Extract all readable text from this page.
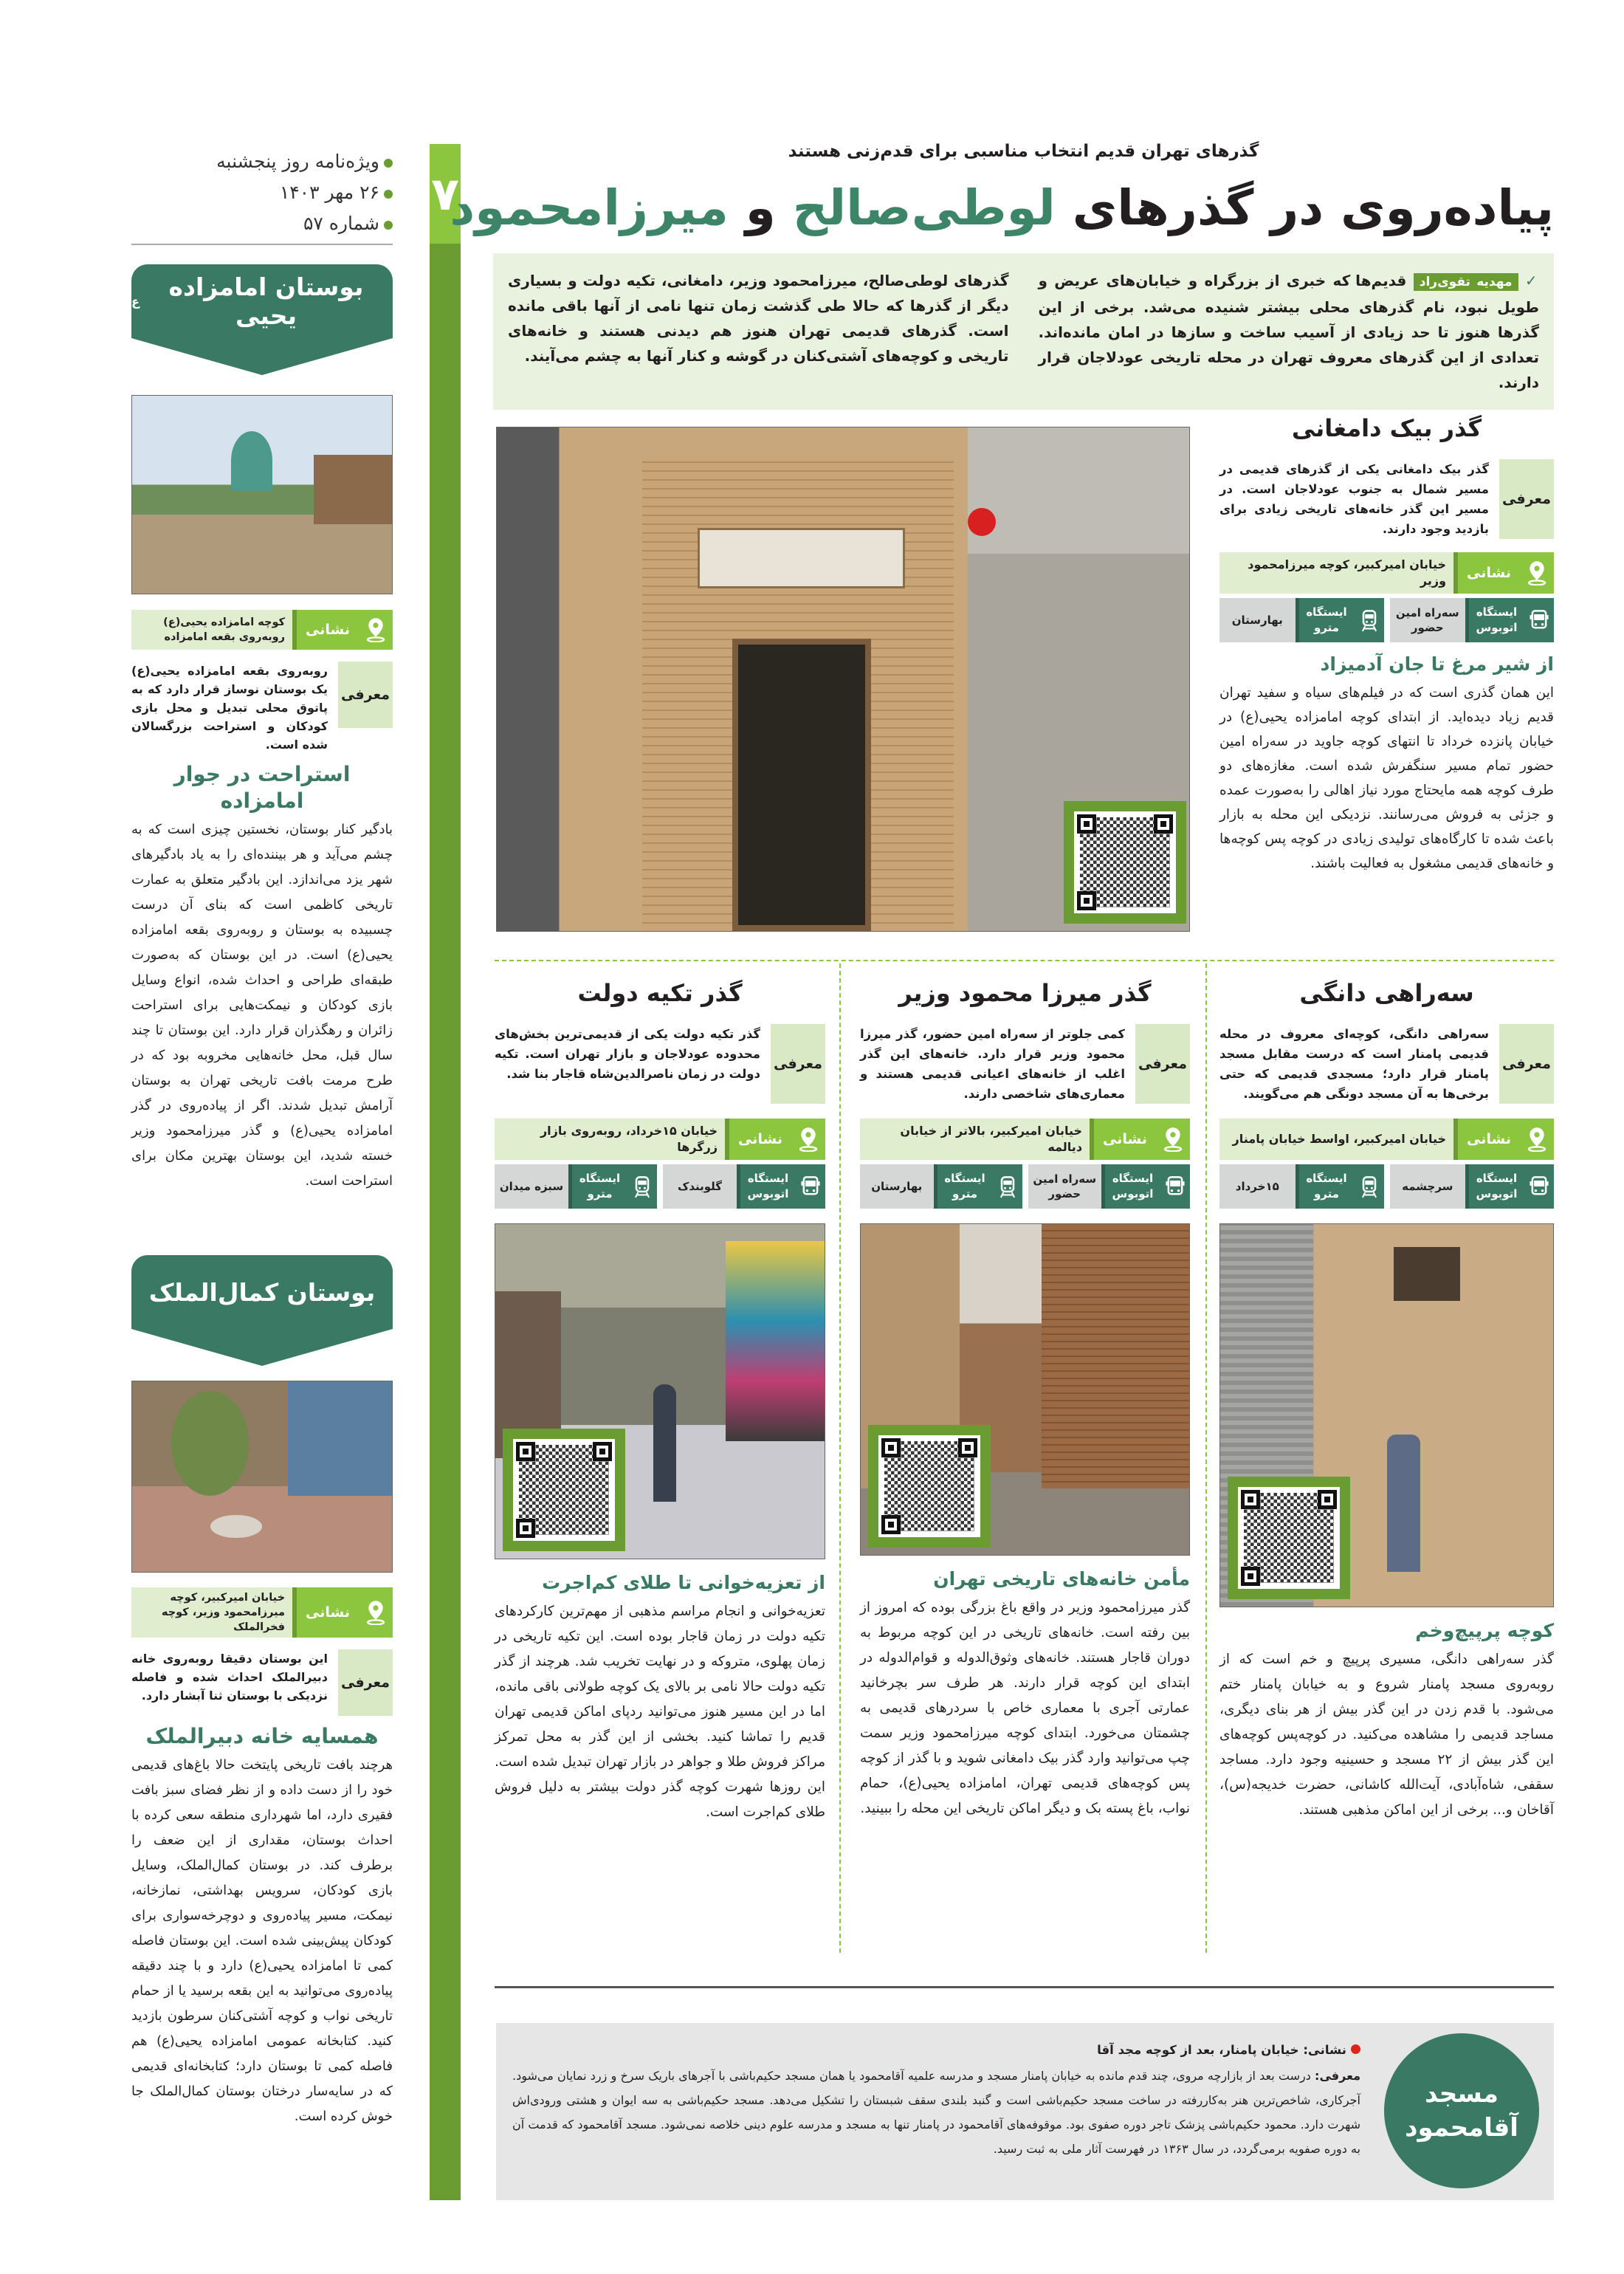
۷
ویژه‌نامه روز پنجشنبه
۲۶ مهر ۱۴۰۳
شماره ۵۷
گذرهای تهران قدیم انتخاب مناسبی برای قدم‌زنی هستند
پیاده‌روی در گذرهای لوطی‌صالح و میرزامحمود
✓ مهدیه تقوی‌راد قدیم‌ها که خبری از بزرگراه و خیابان‌های عریض و طویل نبود، نام گذرهای محلی بیشتر شنیده می‌شد. برخی از این گذرها هنوز تا حد زیادی از آسیب ساخت و سازها در امان مانده‌اند. تعدادی از این گذرهای معروف تهران در محله تاریخی عودلاجان قرار دارند.
گذرهای لوطی‌صالح، میرزامحمود وزیر، دامغانی، تکیه دولت و بسیاری دیگر از گذرها که حالا طی گذشت زمان تنها نامی از آنها باقی مانده است. گذرهای قدیمی تهران هنوز هم دیدنی هستند و خانه‌های تاریخی و کوچه‌های آشتی‌کنان در گوشه و کنار آنها به چشم می‌آیند.
گذر بیک دامغانی
معرفی
گذر بیک دامغانی یکی از گذرهای قدیمی در مسیر شمال به جنوب عودلاجان است. در مسیر این گذر خانه‌های تاریخی زیادی برای بازدید وجود دارند.
نشانی
خیابان امیرکبیر، کوچه میرزامحمود وزیر
ایستگاه اتوبوس
سه‌راه امین حضور
ایستگاه مترو
بهارستان
از شیر مرغ تا جان آدمیزاد
این همان گذری است که در فیلم‌های سیاه و سفید تهران قدیم زیاد دیده‌اید. از ابتدای کوچه امامزاده یحیی(ع) در خیابان پانزده خرداد تا انتهای کوچه جاوید در سه‌راه امین حضور تمام مسیر سنگفرش شده است. مغازه‌های دو طرف کوچه همه مایحتاج مورد نیاز اهالی را به‌صورت عمده و جزئی به فروش می‌رسانند. نزدیکی این محله به بازار باعث شده تا کارگاه‌های تولیدی زیادی در کوچه پس کوچه‌ها و خانه‌های قدیمی مشغول به فعالیت باشند.
سه‌راهی دانگی
معرفی
سه‌راهی دانگی، کوچه‌ای معروف در محله قدیمی پامنار است که درست مقابل مسجد پامنار قرار دارد؛ مسجدی قدیمی که حتی برخی‌ها به آن مسجد دونگی هم می‌گویند.
نشانی
خیابان امیرکبیر، اواسط خیابان پامنار
ایستگاه اتوبوس
سرچشمه
ایستگاه مترو
۱۵خرداد
کوچه پرپیچ‌وخم
گذر سه‌راهی دانگی، مسیری پرپیچ و خم است که از روبه‌روی مسجد پامنار شروع و به خیابان پامنار ختم می‌شود. با قدم زدن در این گذر بیش از هر بنای دیگری، مساجد قدیمی را مشاهده می‌کنید. در کوچه‌پس کوچه‌های این گذر بیش از ۲۲ مسجد و حسینیه وجود دارد. مساجد سقفی، شاه‌آبادی، آیت‌الله کاشانی، حضرت خدیجه(س)، آقاخان و... برخی از این اماکن مذهبی هستند.
گذر میرزا محمود وزیر
معرفی
کمی جلوتر از سه‌راه امین حضور، گذر میرزا محمود وزیر قرار دارد. خانه‌های این گذر اغلب از خانه‌های اعیانی قدیمی هستند و معماری‌های شاخصی دارند.
نشانی
خیابان امیرکبیر، بالاتر از خیابان دیالمه
ایستگاه اتوبوس
سه‌راه امین حضور
ایستگاه مترو
بهارستان
مأمن خانه‌های تاریخی تهران
گذر میرزامحمود وزیر در واقع باغ بزرگی بوده که امروز از بین رفته است. خانه‌های تاریخی در این کوچه مربوط به دوران قاجار هستند. خانه‌های وثوق‌الدوله و قوام‌الدوله در ابتدای این کوچه قرار دارند. هر طرف سر بچرخانید عمارتی آجری با معماری خاص با سردرهای قدیمی به چشمتان می‌خورد. ابتدای کوچه میرزامحمود وزیر سمت چپ می‌توانید وارد گذر بیک دامغانی شوید و با گذر از کوچه پس کوچه‌های قدیمی تهران، امامزاده یحیی(ع)، حمام نواب، باغ پسته بک و دیگر اماکن تاریخی این محله را ببینید.
گذر تکیه دولت
معرفی
گذر تکیه دولت یکی از قدیمی‌ترین بخش‌های محدوده عودلاجان و بازار تهران است. تکیه دولت در زمان ناصرالدین‌شاه قاجار بنا شد.
نشانی
خیابان ۱۵خرداد، روبه‌روی بازار زرگرها
ایستگاه اتوبوس
گلوبندک
ایستگاه مترو
سبزه میدان
از تعزیه‌خوانی تا طلای کم‌اجرت
تعزیه‌خوانی و انجام مراسم مذهبی از مهم‌ترین کارکردهای تکیه دولت در زمان قاجار بوده است. این تکیه تاریخی در زمان پهلوی، متروکه و در نهایت تخریب شد. هرچند از گذر تکیه دولت حالا نامی بر بالای یک کوچه طولانی باقی مانده، اما در این مسیر هنوز می‌توانید ردپای اماکن قدیمی تهران قدیم را تماشا کنید. بخشی از این گذر به محل تمرکز مراکز فروش طلا و جواهر در بازار تهران تبدیل شده است. این روزها شهرت کوچه گذر دولت بیشتر به دلیل فروش طلای کم‌اجرت است.
مسجد
آقامحمود
نشانی: خیابان پامنار، بعد از کوچه مجد آقا
معرفی: درست بعد از بازارچه مروی، چند قدم مانده به خیابان پامنار مسجد و مدرسه علمیه آقامحمود یا همان مسجد حکیم‌باشی با آجرهای باریک سرخ و زرد نمایان می‌شود. آجرکاری، شاخص‌ترین هنر به‌کاررفته در ساخت مسجد حکیم‌باشی است و گنبد بلندی سقف شبستان را تشکیل می‌دهد. مسجد حکیم‌باشی به سه ایوان و هشتی ورودی‌اش شهرت دارد. محمود حکیم‌باشی پزشک تاجر دوره صفوی بود. موقوفه‌های آقامحمود در پامنار تنها به مسجد و مدرسه علوم دینی خلاصه نمی‌شود. مسجد آقامحمود که قدمت آن به دوره صفویه برمی‌گردد، در سال ۱۳۶۳ در فهرست آثار ملی به ثبت رسید.
بوستان امامزاده یحیی
ع
نشانی
کوچه امامزاده یحیی(ع) روبه‌روی بقعه امامزاده
معرفی
روبه‌روی بقعه امامزاده یحیی(ع) یک بوستان نوساز قرار دارد که به پاتوق محلی تبدیل و محل بازی کودکان و استراحت بزرگسالان شده است.
استراحت در جوار امامزاده
بادگیر کنار بوستان، نخستین چیزی است که به چشم می‌آید و هر بیننده‌ای را به یاد بادگیرهای شهر یزد می‌اندازد. این بادگیر متعلق به عمارت تاریخی کاظمی است که بنای آن درست چسبیده به بوستان و روبه‌روی بقعه امامزاده یحیی(ع) است. در این بوستان که به‌صورت طبقه‌ای طراحی و احداث شده، انواع وسایل بازی کودکان و نیمکت‌هایی برای استراحت زائران و رهگذران قرار دارد. این بوستان تا چند سال قبل، محل خانه‌هایی مخروبه بود که در طرح مرمت بافت تاریخی تهران به بوستان آرامش تبدیل شدند. اگر از پیاده‌روی در گذر امامزاده یحیی(ع) و گذر میرزامحمود وزیر خسته شدید، این بوستان بهترین مکان برای استراحت است.
بوستان کمال‌الملک
نشانی
خیابان امیرکبیر، کوچه میرزامحمود وزیر، کوچه فخرالملک
معرفی
این بوستان دقیقا روبه‌روی خانه دبیرالملک احداث شده و فاصله نزدیکی با بوستان ثنا آبشار دارد.
همسایه خانه دبیرالملک
هرچند بافت تاریخی پایتخت حالا باغ‌های قدیمی خود را از دست داده و از نظر فضای سبز بافت فقیری دارد، اما شهرداری منطقه سعی کرده با احداث بوستان، مقداری از این ضعف را برطرف کند. در بوستان کمال‌الملک، وسایل بازی کودکان، سرویس بهداشتی، نمازخانه، نیمکت، مسیر پیاده‌روی و دوچرخه‌سواری برای کودکان پیش‌بینی شده است. این بوستان فاصله کمی تا امامزاده یحیی(ع) دارد و با چند دقیقه پیاده‌روی می‌توانید به این بقعه برسید یا از حمام تاریخی نواب و کوچه آشتی‌کنان سرطون بازدید کنید. کتابخانه عمومی امامزاده یحیی(ع) هم فاصله کمی تا بوستان دارد؛ کتابخانه‌ای قدیمی که در سایه‌سار درختان بوستان کمال‌الملک جا خوش کرده است.
